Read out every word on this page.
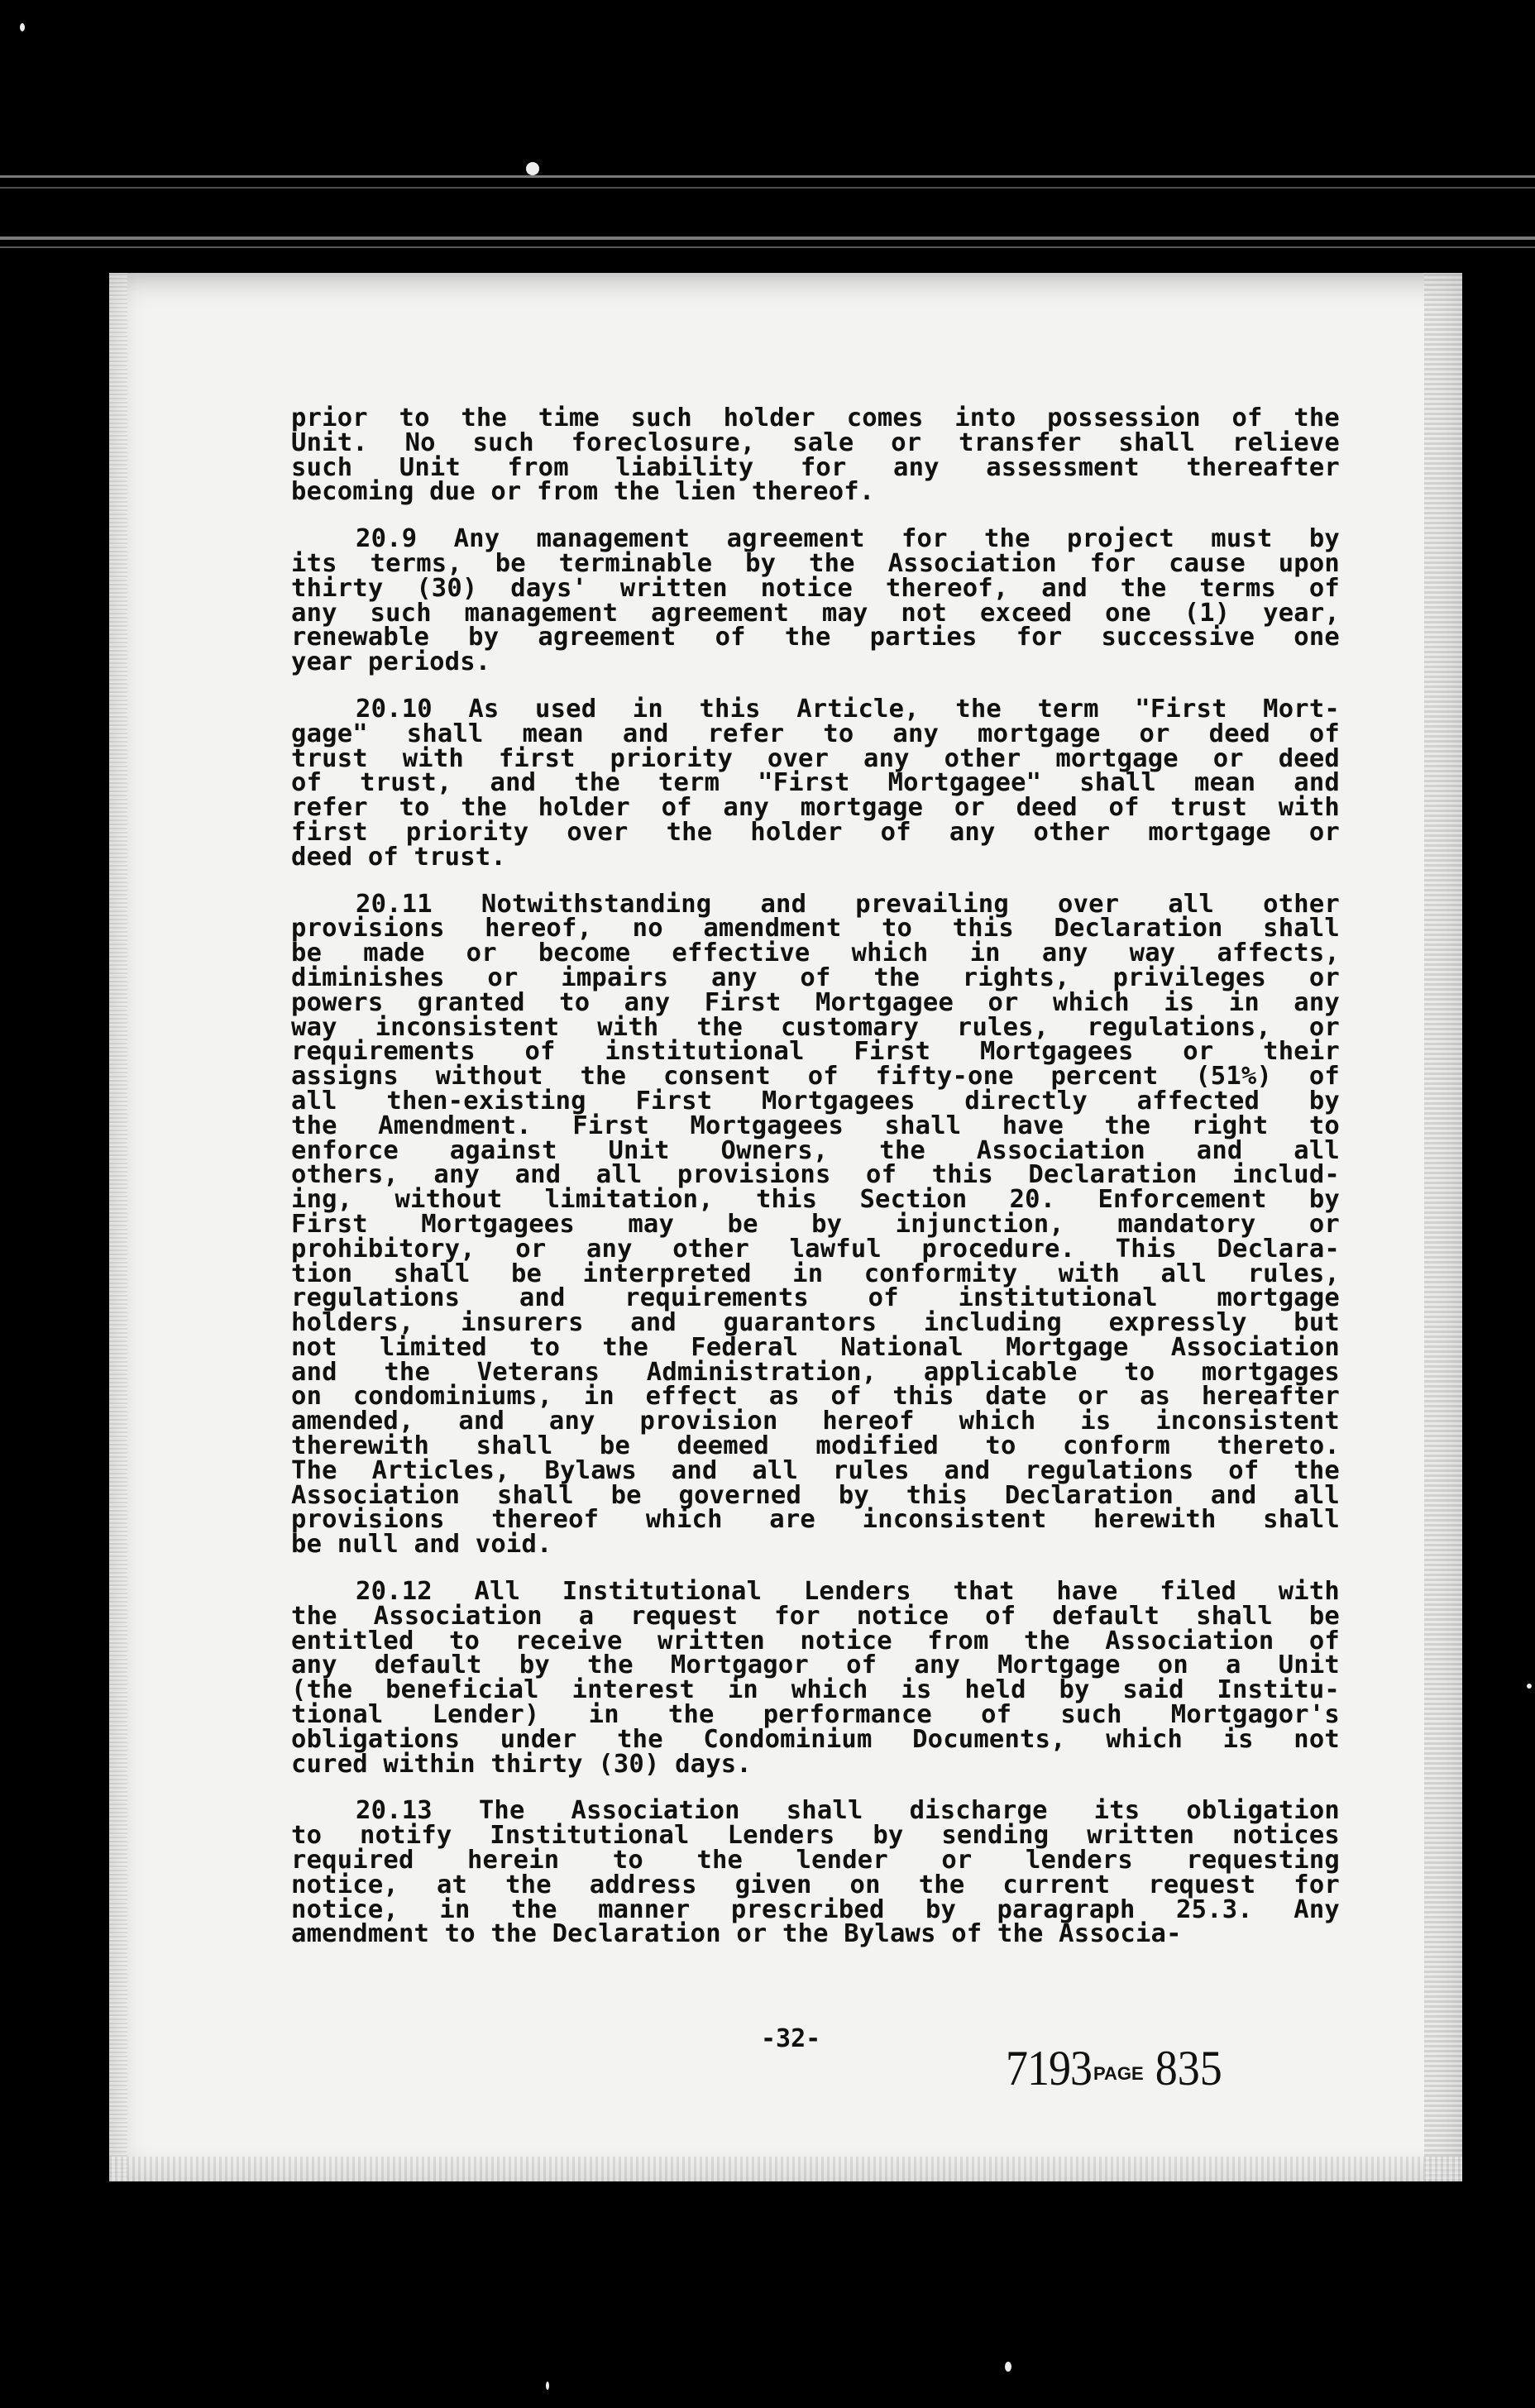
prior to the time such holder comes into possession of the
Unit. No such foreclosure, sale or transfer shall relieve
such Unit from liability for any assessment thereafter
becoming due or from the lien thereof.
20.9 Any management agreement for the project must by
its terms, be terminable by the Association for cause upon
thirty (30) days' written notice thereof, and the terms of
any such management agreement may not exceed one (1) year,
renewable by agreement of the parties for successive one
year periods.
20.10 As used in this Article, the term "First Mort-
gage" shall mean and refer to any mortgage or deed of
trust with first priority over any other mortgage or deed
of trust, and the term "First Mortgagee" shall mean and
refer to the holder of any mortgage or deed of trust with
first priority over the holder of any other mortgage or
deed of trust.
20.11 Notwithstanding and prevailing over all other
provisions hereof, no amendment to this Declaration shall
be made or become effective which in any way affects,
diminishes or impairs any of the rights, privileges or
powers granted to any First Mortgagee or which is in any
way inconsistent with the customary rules, regulations, or
requirements of institutional First Mortgagees or their
assigns without the consent of fifty-one percent (51%) of
all then-existing First Mortgagees directly affected by
the Amendment. First Mortgagees shall have the right to
enforce against Unit Owners, the Association and all
others, any and all provisions of this Declaration includ-
ing, without limitation, this Section 20. Enforcement by
First Mortgagees may be by injunction, mandatory or
prohibitory, or any other lawful procedure. This Declara-
tion shall be interpreted in conformity with all rules,
regulations and requirements of institutional mortgage
holders, insurers and guarantors including expressly but
not limited to the Federal National Mortgage Association
and the Veterans Administration, applicable to mortgages
on condominiums, in effect as of this date or as hereafter
amended, and any provision hereof which is inconsistent
therewith shall be deemed modified to conform thereto.
The Articles, Bylaws and all rules and regulations of the
Association shall be governed by this Declaration and all
provisions thereof which are inconsistent herewith shall
be null and void.
20.12 All Institutional Lenders that have filed with
the Association a request for notice of default shall be
entitled to receive written notice from the Association of
any default by the Mortgagor of any Mortgage on a Unit
(the beneficial interest in which is held by said Institu-
tional Lender) in the performance of such Mortgagor's
obligations under the Condominium Documents, which is not
cured within thirty (30) days.
20.13 The Association shall discharge its obligation
to notify Institutional Lenders by sending written notices
required herein to the lender or lenders requesting
notice, at the address given on the current request for
notice, in the manner prescribed by paragraph 25.3. Any
amendment to the Declaration or the Bylaws of the Associa-
-32-
7193PAGE 835
